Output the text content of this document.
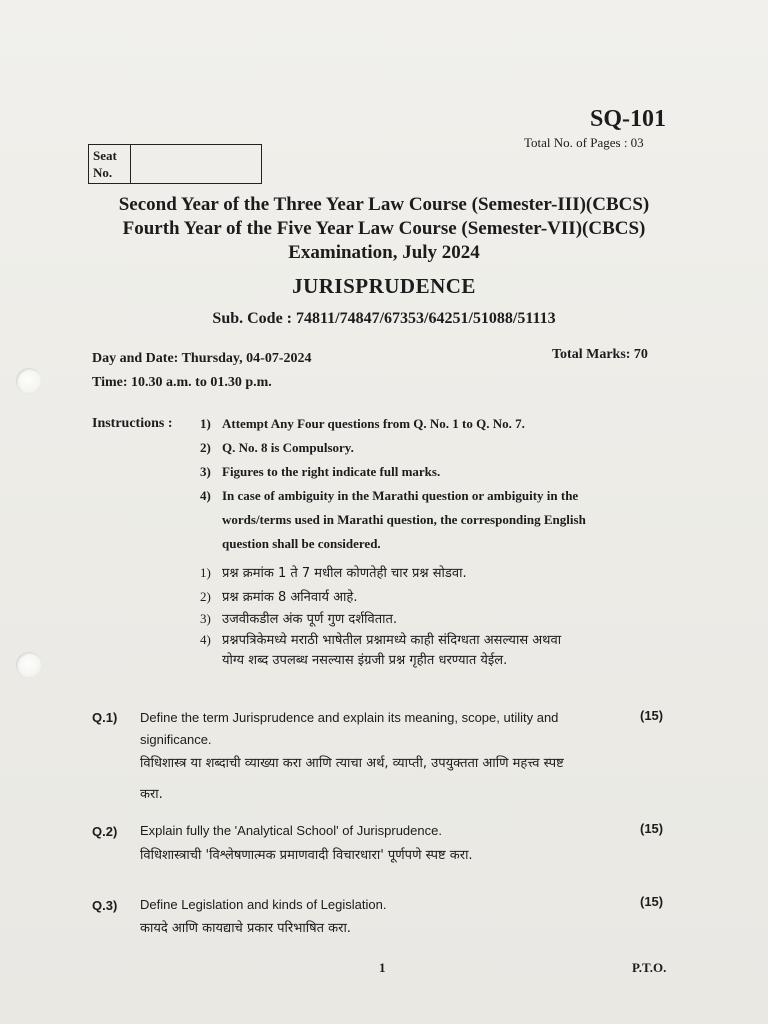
SQ-101
Total No. of Pages : 03
Seat No.
Second Year of the Three Year Law Course (Semester-III)(CBCS)
Fourth Year of the Five Year Law Course (Semester-VII)(CBCS)
Examination, July 2024
JURISPRUDENCE
Sub. Code : 74811/74847/67353/64251/51088/51113
Day and Date: Thursday, 04-07-2024	Total Marks: 70
Time: 10.30 a.m. to 01.30 p.m.
Instructions : 1) Attempt Any Four questions from Q. No. 1 to Q. No. 7.
2) Q. No. 8 is Compulsory.
3) Figures to the right indicate full marks.
4) In case of ambiguity in the Marathi question or ambiguity in the
words/terms used in Marathi question, the corresponding English
question shall be considered.
1) प्रश्न क्रमांक 1 ते 7 मधील कोणतेही चार प्रश्न सोडवा.
2) प्रश्न क्रमांक 8 अनिवार्य आहे.
3) उजवीकडील अंक पूर्ण गुण दर्शवितात.
4) प्रश्नपत्रिकेमध्ये मराठी भाषेतील प्रश्नामध्ये काही संदिग्धता असल्यास अथवा
योग्य शब्द उपलब्ध नसल्यास इंग्रजी प्रश्न गृहीत धरण्यात येईल.
Q.1) Define the term Jurisprudence and explain its meaning, scope, utility and	(15)
significance.
विधिशास्त्र या शब्दाची व्याख्या करा आणि त्याचा अर्थ, व्याप्ती, उपयुक्तता आणि महत्त्व स्पष्ट
करा.
Q.2) Explain fully the 'Analytical School' of Jurisprudence.	(15)
विधिशास्त्राची 'विश्लेषणात्मक प्रमाणवादी विचारधारा' पूर्णपणे स्पष्ट करा.
Q.3) Define Legislation and kinds of Legislation.	(15)
कायदे आणि कायद्याचे प्रकार परिभाषित करा.
1	P.T.O.
